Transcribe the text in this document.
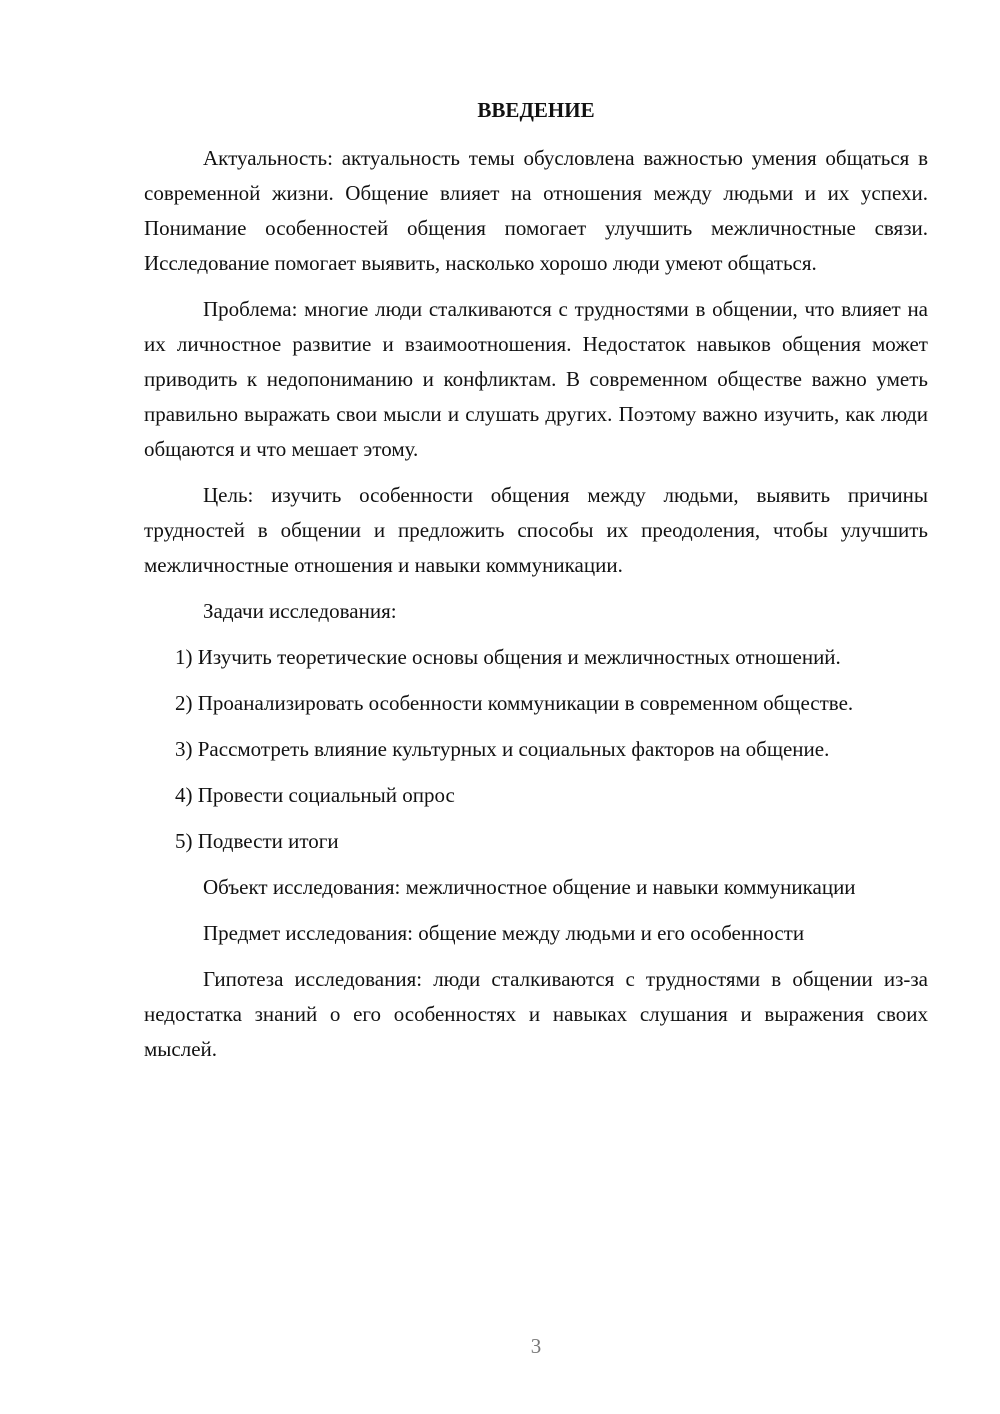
ВВЕДЕНИЕ

Актуальность: актуальность темы обусловлена важностью умения общаться в современной жизни. Общение влияет на отношения между людьми и их успехи. Понимание особенностей общения помогает улучшить межличностные связи. Исследование помогает выявить, насколько хорошо люди умеют общаться.

Проблема: многие люди сталкиваются с трудностями в общении, что влияет на их личностное развитие и взаимоотношения. Недостаток навыков общения может приводить к недопониманию и конфликтам. В современном обществе важно уметь правильно выражать свои мысли и слушать других. Поэтому важно изучить, как люди общаются и что мешает этому.

Цель: изучить особенности общения между людьми, выявить причины трудностей в общении и предложить способы их преодоления, чтобы улучшить межличностные отношения и навыки коммуникации.

Задачи исследования:

1) Изучить теоретические основы общения и межличностных отношений.

2) Проанализировать особенности коммуникации в современном обществе.

3) Рассмотреть влияние культурных и социальных факторов на общение.

4) Провести социальный опрос

5) Подвести итоги

Объект исследования: межличностное общение и навыки коммуникации

Предмет исследования: общение между людьми и его особенности

Гипотеза исследования: люди сталкиваются с трудностями в общении из-за недостатка знаний о его особенностях и навыках слушания и выражения своих мыслей.

3
